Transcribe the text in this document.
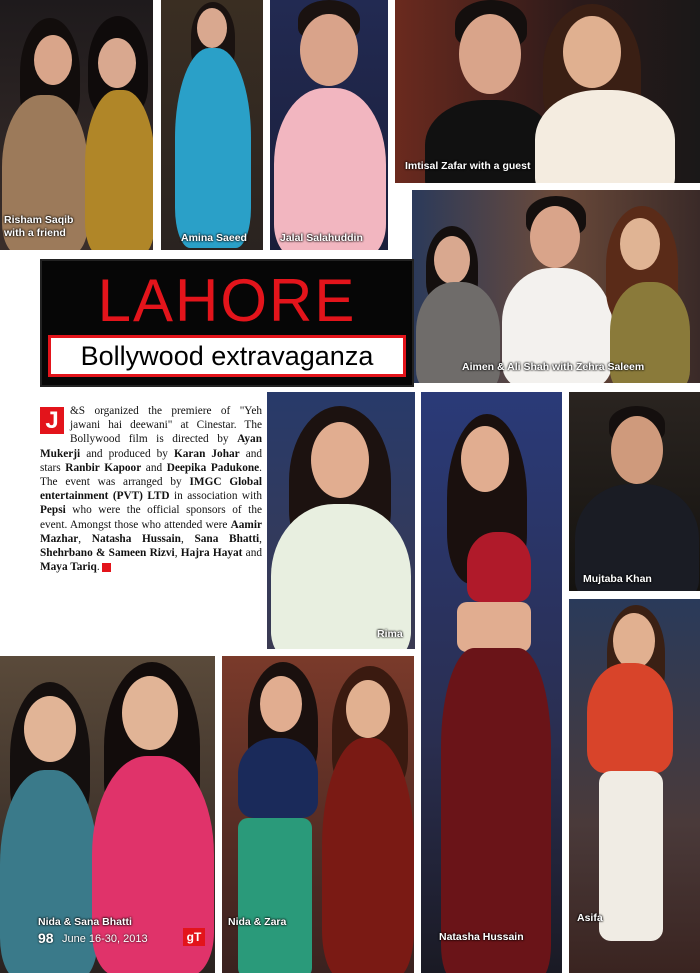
Risham Saqib
with a friend	Amina Saeed	Jalal Salahuddin
Imtisal Zafar with a guest
Aimen & Ali Shah with Zehra Saleem
LAHORE
Bollywood extravaganza
J	&S organized the premiere of "Yeh jawani hai deewani" at Cinestar. The Bollywood film is directed by Ayan Mukerji and produced by Karan Johar and stars Ranbir Kapoor and Deepika Padukone. The event was arranged by IMGC Global entertainment (PVT) LTD in association with Pepsi who were the official sponsors of the event. Amongst those who attended were Aamir Mazhar, Natasha Hussain, Sana Bhatti, Shehrbano & Sameen Rizvi, Hajra Hayat and Maya Tariq.
Rima
Natasha Hussain
Mujtaba Khan
Nida & Sana Bhatti	Nida & Zara	Asifa
98 June 16-30, 2013	gT
